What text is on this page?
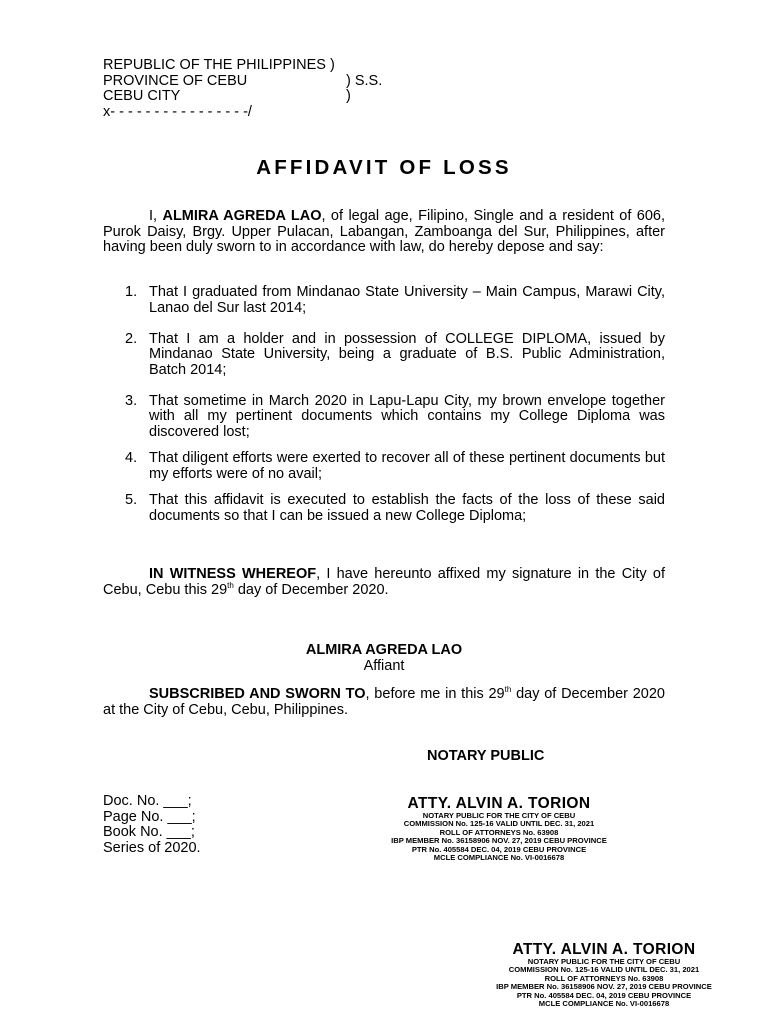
REPUBLIC OF THE PHILIPPINES )
PROVINCE OF CEBU	) S.S.
CEBU CITY	)
x- - - - - - - - - - - - - - - -/
AFFIDAVIT OF LOSS
I, ALMIRA AGREDA LAO, of legal age, Filipino, Single and a resident of 606, Purok Daisy, Brgy. Upper Pulacan, Labangan, Zamboanga del Sur, Philippines, after having been duly sworn to in accordance with law, do hereby depose and say:
1. That I graduated from Mindanao State University – Main Campus, Marawi City, Lanao del Sur last 2014;
2. That I am a holder and in possession of COLLEGE DIPLOMA, issued by Mindanao State University, being a graduate of B.S. Public Administration, Batch 2014;
3. That sometime in March 2020 in Lapu-Lapu City, my brown envelope together with all my pertinent documents which contains my College Diploma was discovered lost;
4. That diligent efforts were exerted to recover all of these pertinent documents but my efforts were of no avail;
5. That this affidavit is executed to establish the facts of the loss of these said documents so that I can be issued a new College Diploma;
IN WITNESS WHEREOF, I have hereunto affixed my signature in the City of Cebu, Cebu this 29th day of December 2020.
ALMIRA AGREDA LAO
Affiant
SUBSCRIBED AND SWORN TO, before me in this 29th day of December 2020 at the City of Cebu, Cebu, Philippines.
NOTARY PUBLIC
Doc. No. ___;
Page No. ___;
Book No. ___;
Series of 2020.
ATTY. ALVIN A. TORION
NOTARY PUBLIC FOR THE CITY OF CEBU
COMMISSION No. 125-16 VALID UNTIL DEC. 31, 2021
ROLL OF ATTORNEYS No. 63908
IBP MEMBER No. 36158906 NOV. 27, 2019 CEBU PROVINCE
PTR No. 405584 DEC. 04, 2019 CEBU PROVINCE
MCLE COMPLIANCE No. VI-0016678
ATTY. ALVIN A. TORION
NOTARY PUBLIC FOR THE CITY OF CEBU
COMMISSION No. 125-16 VALID UNTIL DEC. 31, 2021
ROLL OF ATTORNEYS No. 63908
IBP MEMBER No. 36158906 NOV. 27, 2019 CEBU PROVINCE
PTR No. 405584 DEC. 04, 2019 CEBU PROVINCE
MCLE COMPLIANCE No. VI-0016678
